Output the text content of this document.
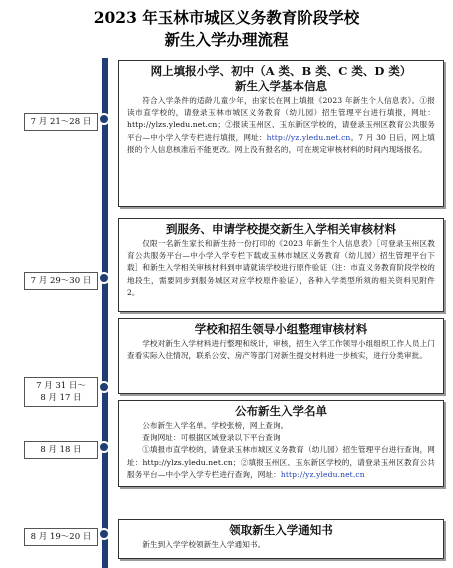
2023 年玉林市城区义务教育阶段学校
新生入学办理流程
7 月 21～28 日
网上填报小学、初中（A 类、B 类、C 类、D 类）
新生入学基本信息
符合入学条件的适龄儿童少年，由家长在网上填报《2023 年新生个人信息表》。①报读市直学校的，请登录玉林市城区义务教育（幼儿园）招生管理平台进行填报，网址：http://ylzs.yledu.net.cn；②报读玉州区、玉东新区学校的，请登录玉州区教育公共服务平台—中小学入学专栏进行填报，网址：http://yz.yledu.net.cn。7 月 30 日后，网上填报的个人信息核准后不能更改。网上没有报名的，可在规定审核材料的时间内现场报名。
7 月 29～30 日
到服务、申请学校提交新生入学相关审核材料
仅限一名新生家长和新生持一份打印的《2023 年新生个人信息表》［可登录玉州区教育公共服务平台—中小学入学专栏下载或玉林市城区义务教育（幼儿园）招生管理平台下载］和新生入学相关审核材料到申请就读学校进行原件验证（注：市直义务教育阶段学校的地段生，需要同步到服务城区对应学校原件验证），各种入学类型所须的相关资料见附件 2。
7 月 31 日～
8 月 17 日
学校和招生领导小组整理审核材料
学校对新生入学材料进行整理和统计，审核，招生入学工作领导小组组织工作人员上门查看实际入住情况，联系公安、房产等部门对新生提交材料进一步核实，进行分类审批。
8 月 18 日
公布新生入学名单
公布新生入学名单。学校张榜，网上查询。
查询网址：可根据区域登录以下平台查询
①填报市直学校的，请登录玉林市城区义务教育（幼儿园）招生管理平台进行查询，网址：http://ylzs.yledu.net.cn；②填报玉州区、玉东新区学校的，请登录玉州区教育公共服务平台—中小学入学专栏进行查询，网址：http://yz.yledu.net.cn
8 月 19～20 日	领取新生入学通知书
新生到入学学校领新生入学通知书。
